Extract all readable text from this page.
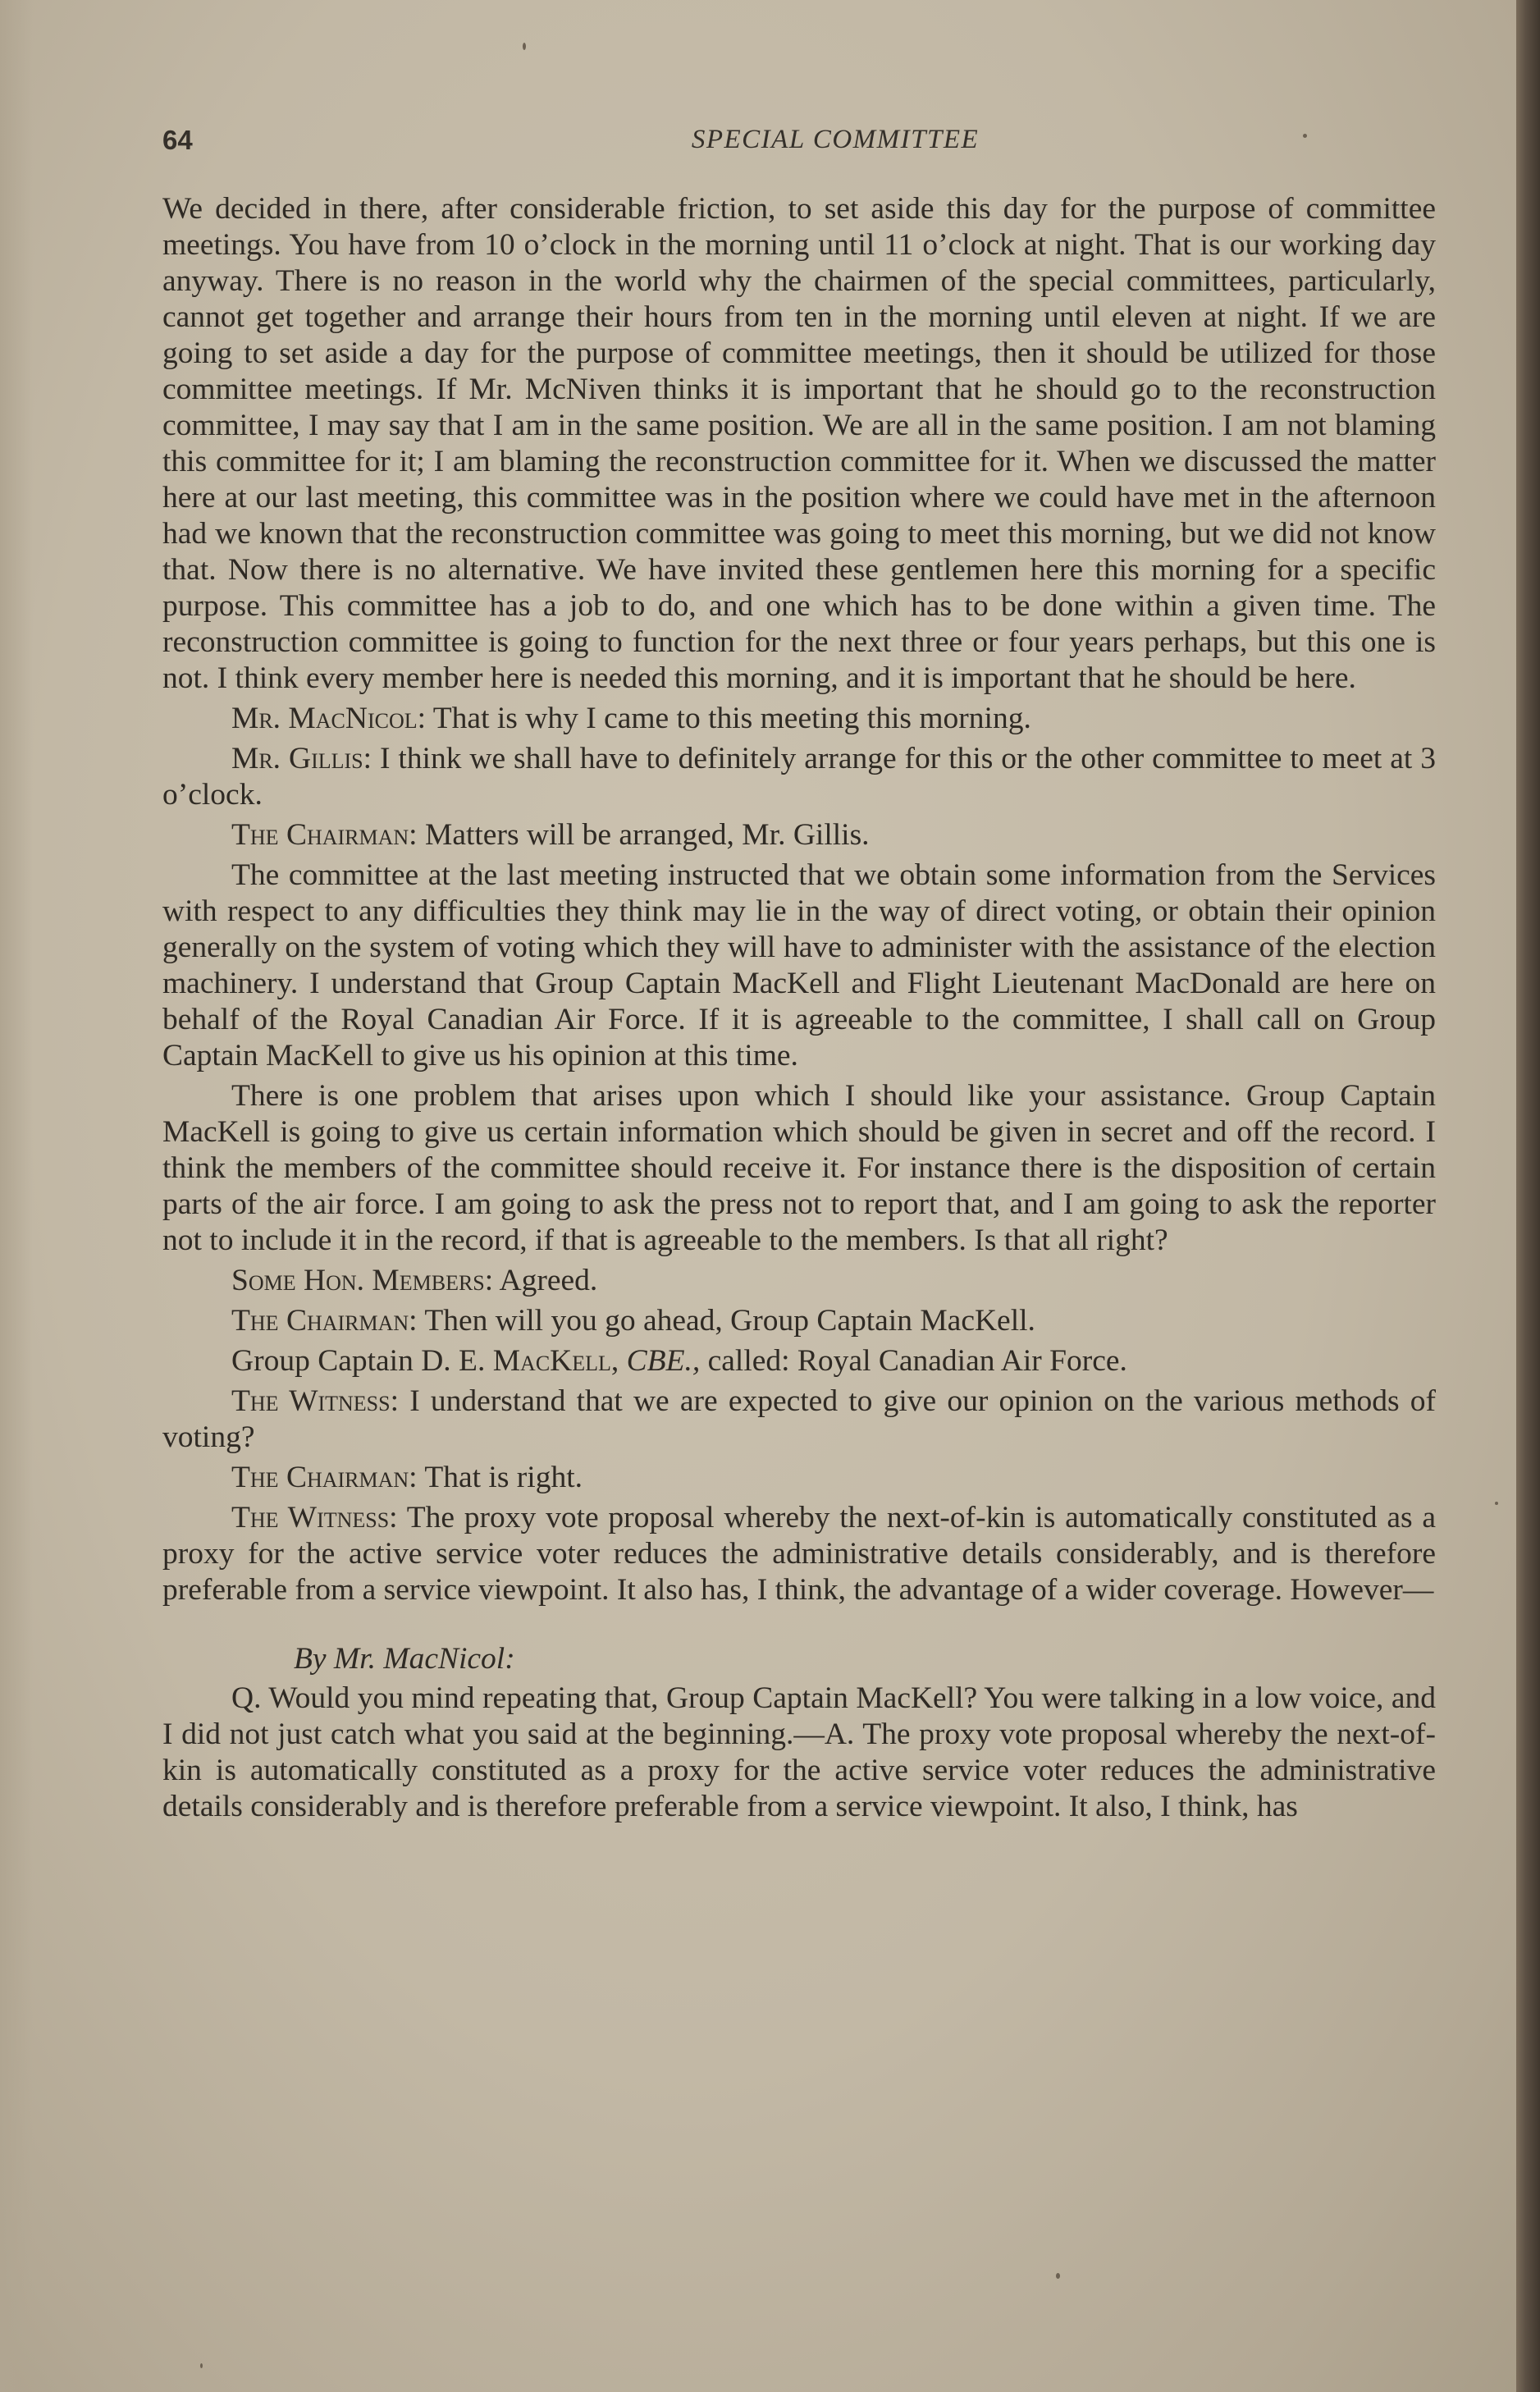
64	SPECIAL COMMITTEE

We decided in there, after considerable friction, to set aside this day for the purpose of committee meetings. You have from 10 o’clock in the morning until 11 o’clock at night. That is our working day anyway. There is no reason in the world why the chairmen of the special committees, particularly, cannot get together and arrange their hours from ten in the morning until eleven at night. If we are going to set aside a day for the purpose of committee meetings, then it should be utilized for those committee meetings. If Mr. McNiven thinks it is important that he should go to the reconstruction committee, I may say that I am in the same position. We are all in the same position. I am not blaming this committee for it; I am blaming the reconstruction committee for it. When we discussed the matter here at our last meeting, this committee was in the position where we could have met in the afternoon had we known that the reconstruction committee was going to meet this morning, but we did not know that. Now there is no alternative. We have invited these gentlemen here this morning for a specific purpose. This committee has a job to do, and one which has to be done within a given time. The reconstruction committee is going to function for the next three or four years perhaps, but this one is not. I think every member here is needed this morning, and it is important that he should be here.

Mr. MacNicol: That is why I came to this meeting this morning.

Mr. Gillis: I think we shall have to definitely arrange for this or the other committee to meet at 3 o’clock.

The Chairman: Matters will be arranged, Mr. Gillis.

The committee at the last meeting instructed that we obtain some information from the Services with respect to any difficulties they think may lie in the way of direct voting, or obtain their opinion generally on the system of voting which they will have to administer with the assistance of the election machinery. I understand that Group Captain MacKell and Flight Lieutenant MacDonald are here on behalf of the Royal Canadian Air Force. If it is agreeable to the committee, I shall call on Group Captain MacKell to give us his opinion at this time.

There is one problem that arises upon which I should like your assistance. Group Captain MacKell is going to give us certain information which should be given in secret and off the record. I think the members of the committee should receive it. For instance there is the disposition of certain parts of the air force. I am going to ask the press not to report that, and I am going to ask the reporter not to include it in the record, if that is agreeable to the members. Is that all right?

Some Hon. Members: Agreed.

The Chairman: Then will you go ahead, Group Captain MacKell.

Group Captain D. E. MacKell, CBE., called: Royal Canadian Air Force.

The Witness: I understand that we are expected to give our opinion on the various methods of voting?

The Chairman: That is right.

The Witness: The proxy vote proposal whereby the next-of-kin is automatically constituted as a proxy for the active service voter reduces the administrative details considerably, and is therefore preferable from a service viewpoint. It also has, I think, the advantage of a wider coverage. However—

By Mr. MacNicol:

Q. Would you mind repeating that, Group Captain MacKell? You were talking in a low voice, and I did not just catch what you said at the beginning.—A. The proxy vote proposal whereby the next-of-kin is automatically constituted as a proxy for the active service voter reduces the administrative details considerably and is therefore preferable from a service viewpoint. It also, I think, has
